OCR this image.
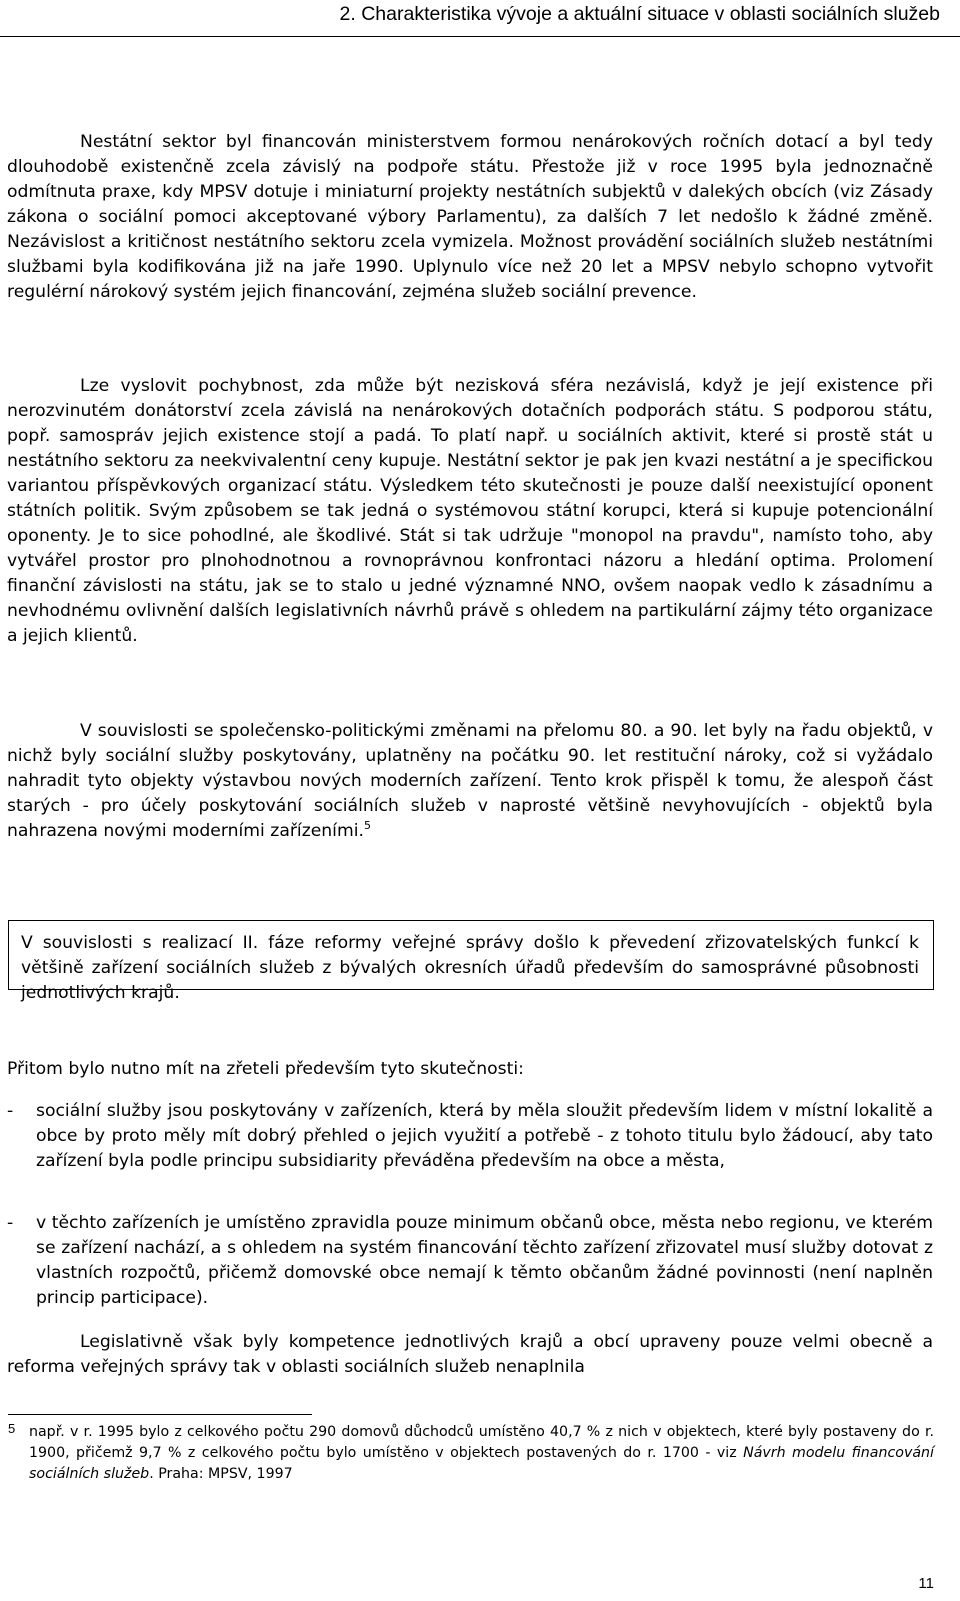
2. Charakteristika vývoje a aktuální situace v oblasti sociálních služeb

Nestátní sektor byl financován ministerstvem formou nenárokových ročních dotací a byl tedy dlouhodobě existenčně zcela závislý na podpoře státu. Přestože již v roce 1995 byla jednoznačně odmítnuta praxe, kdy MPSV dotuje i miniaturní projekty nestátních subjektů v dalekých obcích (viz Zásady zákona o sociální pomoci akceptované výbory Parlamentu), za dalších 7 let nedošlo k žádné změně. Nezávislost a kritičnost nestátního sektoru zcela vymizela. Možnost provádění sociálních služeb nestátními službami byla kodifikována již na jaře 1990. Uplynulo více než 20 let a MPSV nebylo schopno vytvořit regulérní nárokový systém jejich financování, zejména služeb sociální prevence.

Lze vyslovit pochybnost, zda může být nezisková sféra nezávislá, když je její existence při nerozvinutém donátorství zcela závislá na nenárokových dotačních podporách státu. S podporou státu, popř. samospráv jejich existence stojí a padá. To platí např. u sociálních aktivit, které si prostě stát u nestátního sektoru za neekvivalentní ceny kupuje. Nestátní sektor je pak jen kvazi nestátní a je specifickou variantou příspěvkových organizací státu. Výsledkem této skutečnosti je pouze další neexistující oponent státních politik. Svým způsobem se tak jedná o systémovou státní korupci, která si kupuje potencionální oponenty. Je to sice pohodlné, ale škodlivé. Stát si tak udržuje "monopol na pravdu", namísto toho, aby vytvářel prostor pro plnohodnotnou a rovnoprávnou konfrontaci názoru a hledání optima. Prolomení finanční závislosti na státu, jak se to stalo u jedné významné NNO, ovšem naopak vedlo k zásadnímu a nevhodnému ovlivnění dalších legislativních návrhů právě s ohledem na partikulární zájmy této organizace a jejich klientů.

V souvislosti se společensko-politickými změnami na přelomu 80. a 90. let byly na řadu objektů, v nichž byly sociální služby poskytovány, uplatněny na počátku 90. let restituční nároky, což si vyžádalo nahradit tyto objekty výstavbou nových moderních zařízení. Tento krok přispěl k tomu, že alespoň část starých - pro účely poskytování sociálních služeb v naprosté většině nevyhovujících - objektů byla nahrazena novými moderními zařízeními.$^5$

V souvislosti s realizací II. fáze reformy veřejné správy došlo k převedení zřizovatelských funkcí k většině zařízení sociálních služeb z bývalých okresních úřadů především do samosprávné působnosti jednotlivých krajů.

Přitom bylo nutno mít na zřeteli především tyto skutečnosti:

- sociální služby jsou poskytovány v zařízeních, která by měla sloužit především lidem v místní lokalitě a obce by proto měly mít dobrý přehled o jejich využití a potřebě - z tohoto titulu bylo žádoucí, aby tato zařízení byla podle principu subsidiarity převáděna především na obce a města,

- v těchto zařízeních je umístěno zpravidla pouze minimum občanů obce, města nebo regionu, ve kterém se zařízení nachází, a s ohledem na systém financování těchto zařízení zřizovatel musí služby dotovat z vlastních rozpočtů, přičemž domovské obce nemají k těmto občanům žádné povinnosti (není naplněn princip participace).

Legislativně však byly kompetence jednotlivých krajů a obcí upraveny pouze velmi obecně a reforma veřejných správy tak v oblasti sociálních služeb nenaplnila

5 např. v r. 1995 bylo z celkového počtu 290 domovů důchodců umístěno 40,7 % z nich v objektech, které byly postaveny do r. 1900, přičemž 9,7 % z celkového počtu bylo umístěno v objektech postavených do r. 1700 - viz Návrh modelu financování sociálních služeb. Praha: MPSV, 1997

11
